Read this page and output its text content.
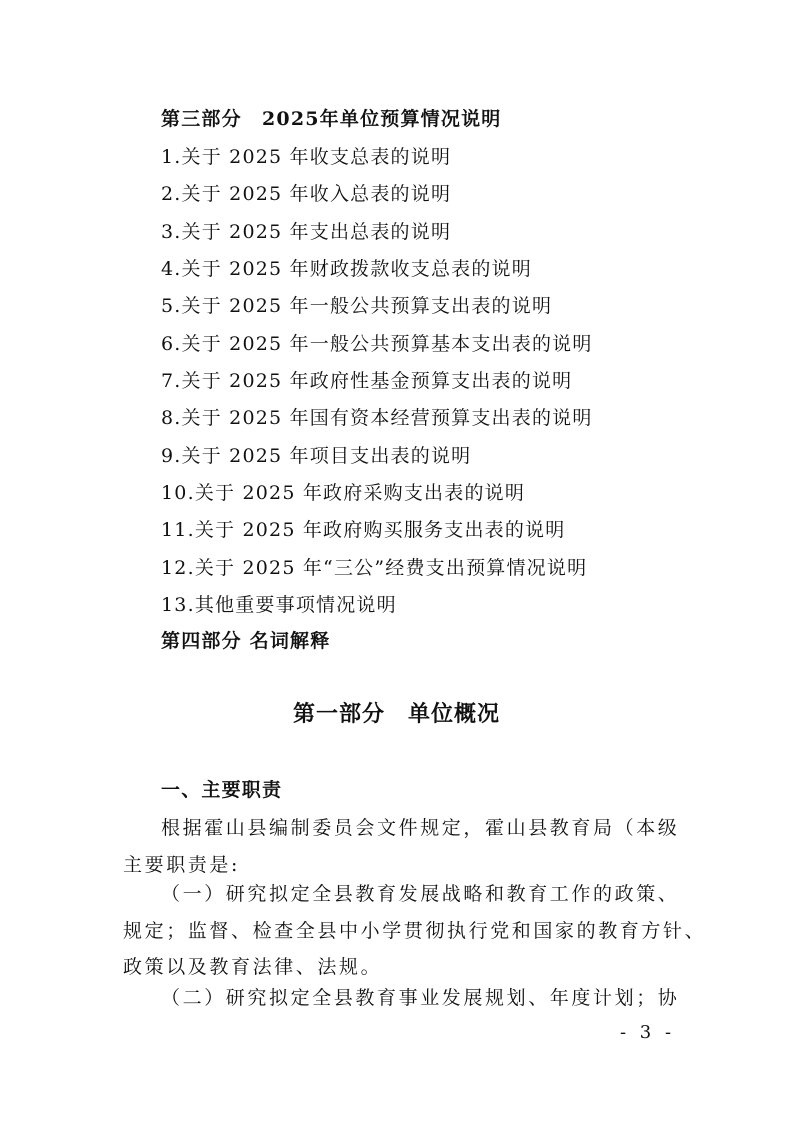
第三部分　2025年单位预算情况说明
1.关于 2025 年收支总表的说明
2.关于 2025 年收入总表的说明
3.关于 2025 年支出总表的说明
4.关于 2025 年财政拨款收支总表的说明
5.关于 2025 年一般公共预算支出表的说明
6.关于 2025 年一般公共预算基本支出表的说明
7.关于 2025 年政府性基金预算支出表的说明
8.关于 2025 年国有资本经营预算支出表的说明
9.关于 2025 年项目支出表的说明
10.关于 2025 年政府采购支出表的说明
11.关于 2025 年政府购买服务支出表的说明
12.关于 2025 年“三公”经费支出预算情况说明
13.其他重要事项情况说明
第四部分 名词解释
第一部分　单位概况
一、主要职责
根据霍山县编制委员会文件规定，霍山县教育局（本级
主要职责是:
（一）研究拟定全县教育发展战略和教育工作的政策、
规定；监督、检查全县中小学贯彻执行党和国家的教育方针、
政策以及教育法律、法规。
（二）研究拟定全县教育事业发展规划、年度计划；协
- 3 -
